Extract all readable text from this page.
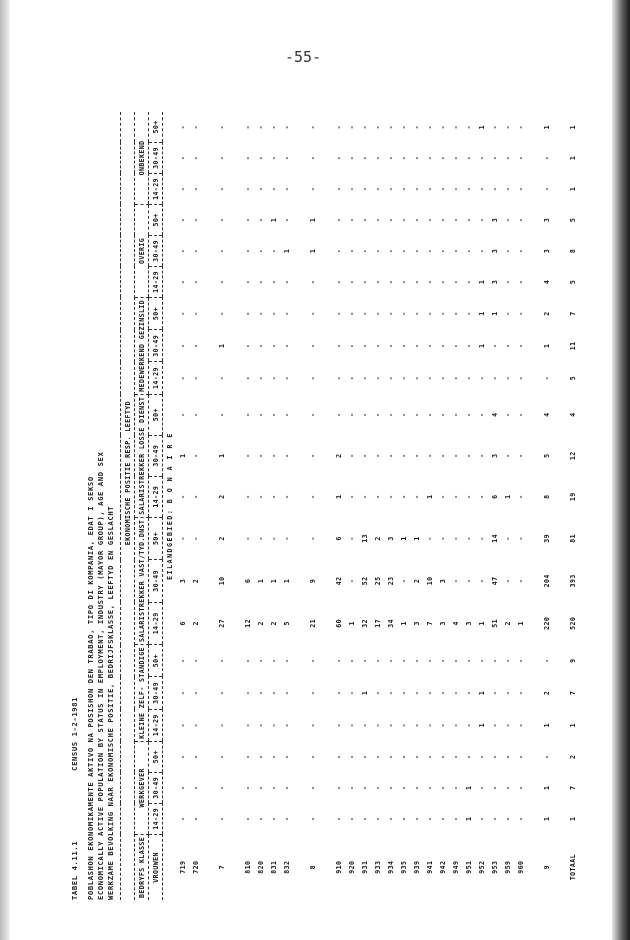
-55-
TABEL 4.11.1
CENSUS 1-2-1981 POBLASHON EKONOMIKAMENTE AKTIVO NA POSISHON DEN TRABAO, TIPO DI KOMPANIA, EDAT I SEKSO ECONOMICALLY ACTIVE POPULATION BY STATUS IN EMPLOYMENT, INDUSTRY (MAYOR GROUP), AGE AND SEX WERKZAME BEVOLKING NAAR EKONOMISCHE POSITIE, BEDRIJFSKLASSE, LEEFTYD EN GESLACHT
	EKONOMISCHE POSITIE RESP. LEEFTYD																				
BEDRYFS KLASSE	WERKGEVER			KLEINE ZELF- STANDIGE			SALARISTREKKER VAST/TYD.DNST			SALARISTREKKER LOSSE DIENST			MEDEWERKEND GEZINSLID			OVERIG			ONBEKEND		
VROUWEN	14-29	30-49	50+	14-29	30-49	50+	14-29	30-49	50+	14-29	30-49	50+	14-29	30-49	50+	14-29	30-49	50+	14-29	30-49	50+
EILANDGEBIED: B O N A I R E																					
719	-	-	-	-	-	-	6	3	-	-	1	-	-	-	-	-	-	-	-	-	-
720	-	-	-	-	-	-	2	2	-	-	-	-	-	-	-	-	-	-	-	-	-

7	-	-	-	-	-	-	27	10	2	2	1	-	-	1	-	-	-	-	-	-	-

810	-	-	-	-	-	-	12	6	-	-	-	-	-	-	-	-	-	-	-	-	-
820	-	-	-	-	-	-	2	1	-	-	-	-	-	-	-	-	-	-	-	-	-
831	-	-	-	-	-	-	2	1	-	-	-	-	-	-	-	-	-	1	-	-	-
832	-	-	-	-	-	-	5	1	-	-	-	-	-	-	-	-	1	-	-	-	-

8	-	-	-	-	-	-	21	9	-	-	-	-	-	-	-	-	1	1	-	-	-

910	-	-	-	-	-	-	60	42	6	1	2	-	-	-	-	-	-	-	-	-	-
920	-	-	-	-	-	-	1	-	-	-	-	-	-	-	-	-	-	-	-	-	-
931	-	-	-	-	1	-	32	52	13	-	-	-	-	-	-	-	-	-	-	-	-
933	-	-	-	-	-	-	17	25	2	-	-	-	-	-	-	-	-	-	-	-	-
934	-	-	-	-	-	-	34	23	3	-	-	-	-	-	-	-	-	-	-	-	-
935	-	-	-	-	-	-	1	-	1	-	-	-	-	-	-	-	-	-	-	-	-
939	-	-	-	-	-	-	3	2	1	-	-	-	-	-	-	-	-	-	-	-	-
941	-	-	-	-	-	-	7	10	-	1	-	-	-	-	-	-	-	-	-	-	-
942	-	-	-	-	-	-	3	3	-	-	-	-	-	-	-	-	-	-	-	-	-
949	-	-	-	-	-	-	4	-	-	-	-	-	-	-	-	-	-	-	-	-	-
951	1	1	-	-	-	-	3	-	-	-	-	-	-	-	-	-	-	-	-	-	-
952	-	-	-	1	1	-	1	-	-	-	-	-	-	1	1	1	-	-	-	-	1
953	-	-	-	-	-	-	51	47	14	6	3	4	-	-	1	3	3	3	-	-	-
959	-	-	-	-	-	-	2	-	-	1	-	-	-	-	-	-	-	-	-	-	-
960	-	-	-	-	-	-	1	-	-	-	-	-	-	-	-	-	-	-	-	-	-

9	1	1	-	1	2	-	220	204	39	8	5	4	-	1	2	4	3	3	-	-	1

TOTAAL	1	7	2	1	7	9	520	393	81	19	12	4	5	11	7	5	8	5	1	1	1
